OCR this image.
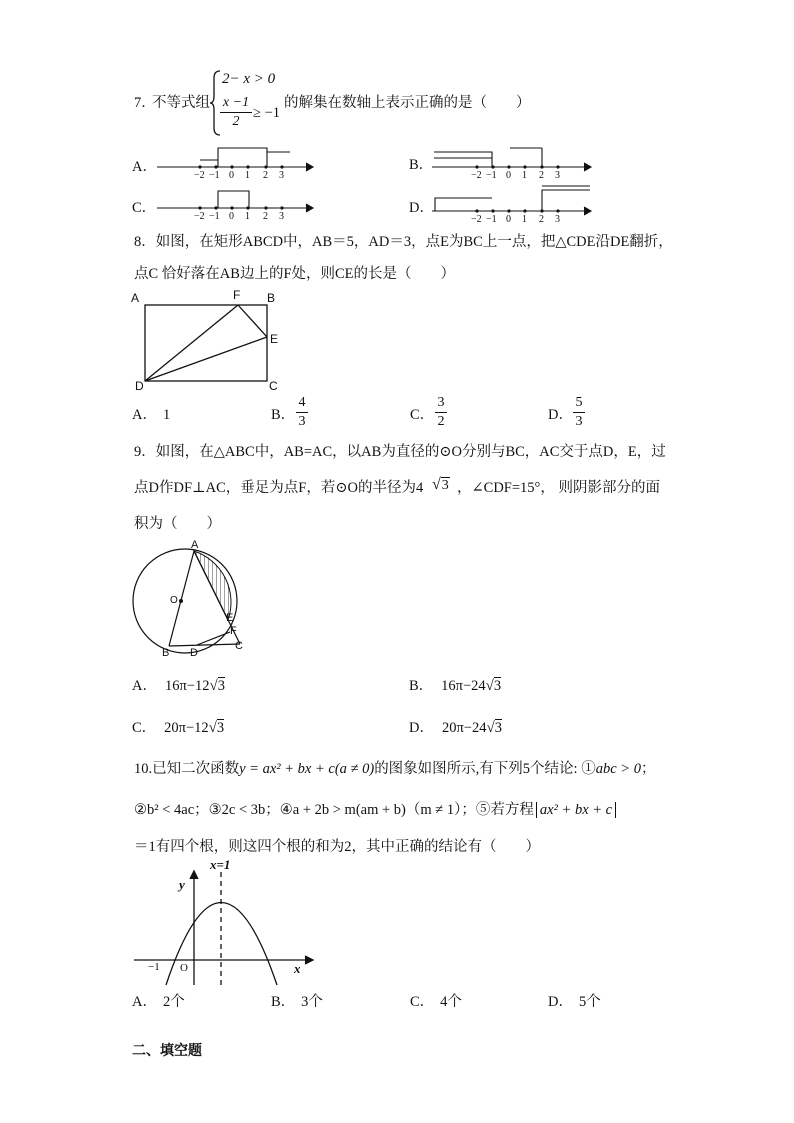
7．
不等式组
2− x > 0
x −1
2
≥ −1
的解集在数轴上表示正确的是（　　）
A．	B．
C．	D．
−2 −1 0 1 2 3	−2 −1 0 1 2 3
−2 −1 0 1 2 3	−2 −1 0 1 2 3
8．如图，在矩形ABCD中，AB＝5，AD＝3，点E为BC上一点，把△CDE沿DE翻折，
点C 恰好落在AB边上的F处，则CE的长是（　　）
A	F B
E
D	C
A． 1	B．
4
3	C．
3
2	D．
5
3
9．如图，在△ABC中，AB=AC，以AB为直径的⊙O分别与BC，AC交于点D，E，过
点D作DF⊥AC，垂足为点F，若⊙O的半径为4 √3 ，∠CDF=15°， 则阴影部分的面
积为（　　）
A
O
E
F
B D
C
A． 16π−12√3	B． 16π−24√3
C． 20π−12√3	D． 20π−24√3
10.已知二次函数y = ax² + bx + c(a ≠ 0)的图象如图所示,有下列5个结论: ①abc > 0；
②b² < 4ac；③2c < 3b；④a + 2b > m(am + b)（m ≠ 1）；⑤若方程 ax² + bx + c
＝1有四个根，则这四个根的和为2，其中正确的结论有（　　）
x=1
y
x
O
−1
A． 2个	B． 3个	C． 4个	D． 5个
二、填空题
